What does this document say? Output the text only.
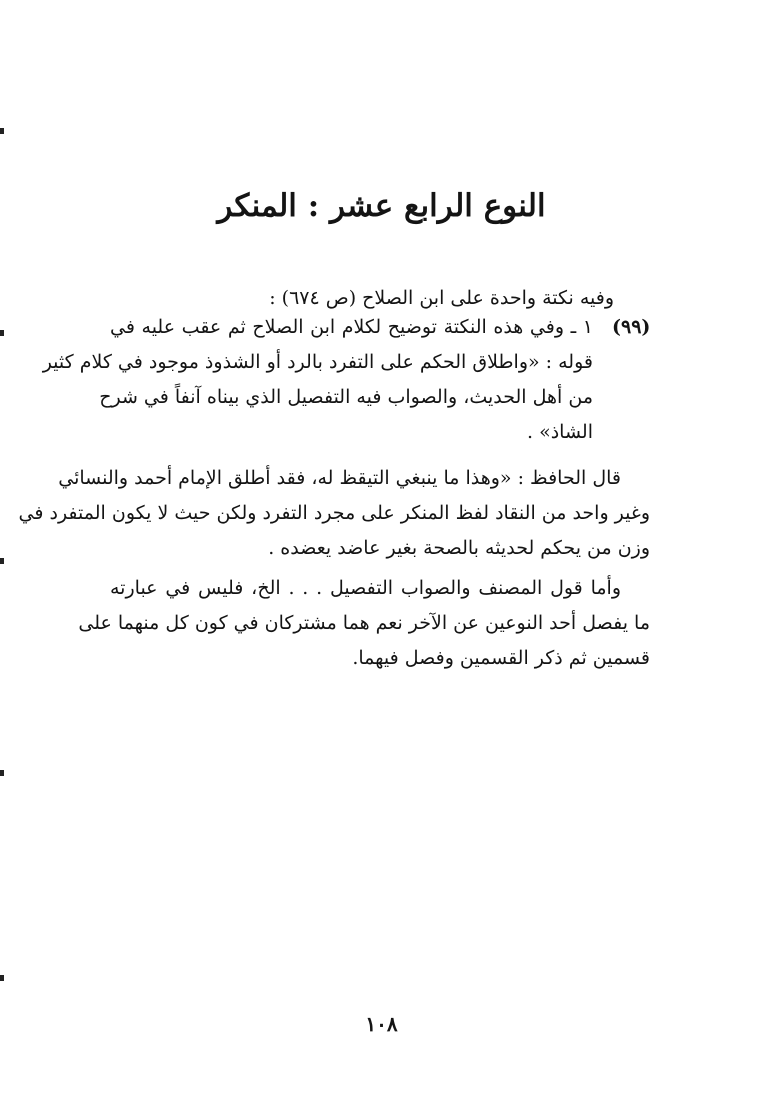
النوع الرابع عشر : المنكر
وفيه نكتة واحدة على ابن الصلاح (ص ٦٧٤) :
(٩٩)
١ ـ وفي هذه النكتة توضيح لكلام ابن الصلاح ثم عقب عليه في
قوله : «واطلاق الحكم على التفرد بالرد أو الشذوذ موجود في كلام كثير
من أهل الحديث، والصواب فيه التفصيل الذي بيناه آنفاً في شرح
الشاذ» .
قال الحافظ : «وهذا ما ينبغي التيقظ له، فقد أطلق الإمام أحمد والنسائي
وغير واحد من النقاد لفظ المنكر على مجرد التفرد ولكن حيث لا يكون المتفرد في
وزن من يحكم لحديثه بالصحة بغير عاضد يعضده .
وأما قول المصنف والصواب التفصيل . . . الخ، فليس في عبارته
ما يفصل أحد النوعين عن الآخر نعم هما مشتركان في كون كل منهما على
قسمين ثم ذكر القسمين وفصل فيهما.
١٠٨
